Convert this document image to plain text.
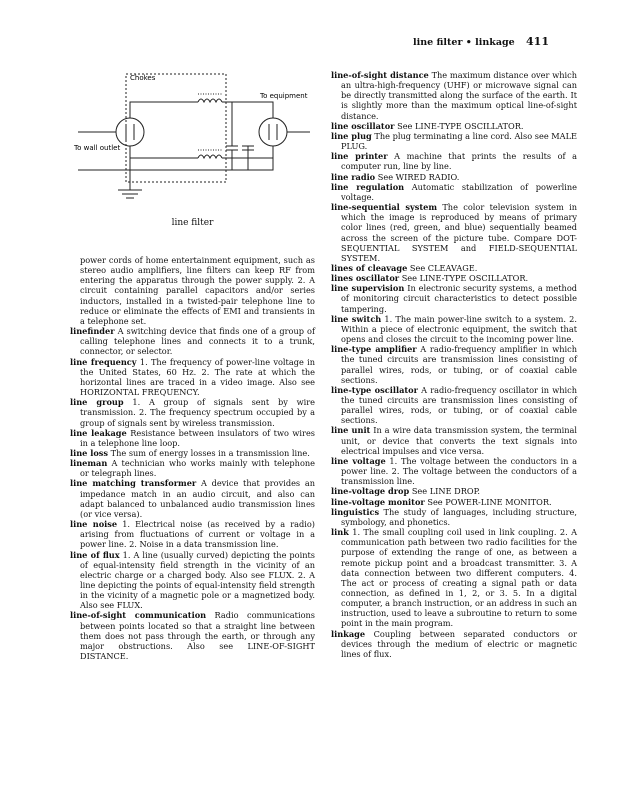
line filter • linkage 411
Chokes
To equipment
To wall outlet
line filter

power cords of home entertainment equipment, such as stereo audio amplifiers, line filters can keep RF from entering the apparatus through the power supply. 2. A circuit containing parallel capacitors and/or series inductors, installed in a twisted-pair telephone line to reduce or eliminate the effects of EMI and transients in a telephone set.

linefinder A switching device that finds one of a group of calling telephone lines and connects it to a trunk, connector, or selector.

line frequency 1. The frequency of power-line voltage in the United States, 60 Hz. 2. The rate at which the horizontal lines are traced in a video image. Also see HORIZONTAL FREQUENCY.

line group 1. A group of signals sent by wire transmission. 2. The frequency spectrum occupied by a group of signals sent by wireless transmission.

line leakage Resistance between insulators of two wires in a telephone line loop.

line loss The sum of energy losses in a transmission line.

lineman A technician who works mainly with telephone or telegraph lines.

line matching transformer A device that provides an impedance match in an audio circuit, and also can adapt balanced to unbalanced audio transmission lines (or vice versa).

line noise 1. Electrical noise (as received by a radio) arising from fluctuations of current or voltage in a power line. 2. Noise in a data transmission line.

line of flux 1. A line (usually curved) depicting the points of equal-intensity field strength in the vicinity of an electric charge or a charged body. Also see FLUX. 2. A line depicting the points of equal-intensity field strength in the vicinity of a magnetic pole or a magnetized body. Also see FLUX.

line-of-sight communication Radio communications between points located so that a straight line between them does not pass through the earth, or through any major obstructions. Also see LINE-OF-SIGHT DISTANCE.

line-of-sight distance The maximum distance over which an ultra-high-frequency (UHF) or microwave signal can be directly transmitted along the surface of the earth. It is slightly more than the maximum optical line-of-sight distance.

line oscillator See LINE-TYPE OSCILLATOR.

line plug The plug terminating a line cord. Also see MALE PLUG.

line printer A machine that prints the results of a computer run, line by line.

line radio See WIRED RADIO.

line regulation Automatic stabilization of powerline voltage.

line-sequential system The color television system in which the image is reproduced by means of primary color lines (red, green, and blue) sequentially beamed across the screen of the picture tube. Compare DOT-SEQUENTIAL SYSTEM and FIELD-SEQUENTIAL SYSTEM.

lines of cleavage See CLEAVAGE.

lines oscillator See LINE-TYPE OSCILLATOR.

line supervision In electronic security systems, a method of monitoring circuit characteristics to detect possible tampering.

line switch 1. The main power-line switch to a system. 2. Within a piece of electronic equipment, the switch that opens and closes the circuit to the incoming power line.

line-type amplifier A radio-frequency amplifier in which the tuned circuits are transmission lines consisting of parallel wires, rods, or tubing, or of coaxial cable sections.

line-type oscillator A radio-frequency oscillator in which the tuned circuits are transmission lines consisting of parallel wires, rods, or tubing, or of coaxial cable sections.

line unit In a wire data transmission system, the terminal unit, or device that converts the text signals into electrical impulses and vice versa.

line voltage 1. The voltage between the conductors in a power line. 2. The voltage between the conductors of a transmission line.

line-voltage drop See LINE DROP.

line-voltage monitor See POWER-LINE MONITOR.

linguistics The study of languages, including structure, symbology, and phonetics.

link 1. The small coupling coil used in link coupling. 2. A communication path between two radio facilities for the purpose of extending the range of one, as between a remote pickup point and a broadcast transmitter. 3. A data connection between two different computers. 4. The act or process of creating a signal path or data connection, as defined in 1, 2, or 3. 5. In a digital computer, a branch instruction, or an address in such an instruction, used to leave a subroutine to return to some point in the main program.

linkage Coupling between separated conductors or devices through the medium of electric or magnetic lines of flux.
